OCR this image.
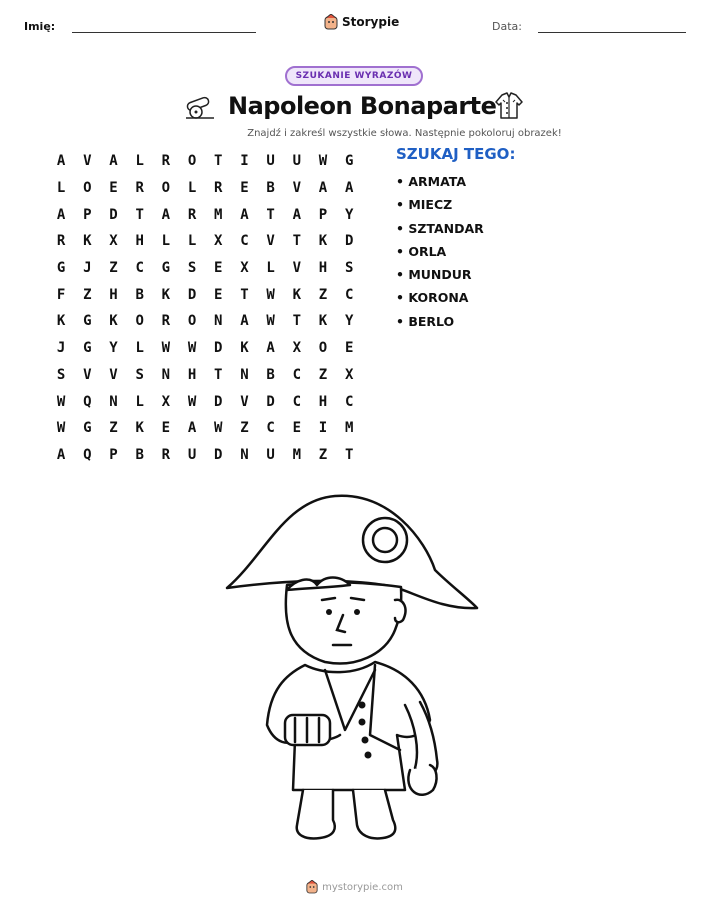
Imię:	Storypie	Data:
SZUKANIE WYRAZÓW
Napoleon Bonaparte
Znajdź i zakreśl wszystkie słowa. Następnie pokoloruj obrazek!
A	V	A	L	R	O	T	I	U	U	W	G
L	O	E	R	O	L	R	E	B	V	A	A
A	P	D	T	A	R	M	A	T	A	P	Y
R	K	X	H	L	L	X	C	V	T	K	D
G	J	Z	C	G	S	E	X	L	V	H	S
F	Z	H	B	K	D	E	T	W	K	Z	C
K	G	K	O	R	O	N	A	W	T	K	Y
J	G	Y	L	W	W	D	K	A	X	O	E
S	V	V	S	N	H	T	N	B	C	Z	X
W	Q	N	L	X	W	D	V	D	C	H	C
W	G	Z	K	E	A	W	Z	C	E	I	M
A	Q	P	B	R	U	D	N	U	M	Z	T
SZUKAJ TEGO:
• ARMATA
• MIECZ
• SZTANDAR
• ORLA
• MUNDUR
• KORONA
• BERLO
mystorypie.com
